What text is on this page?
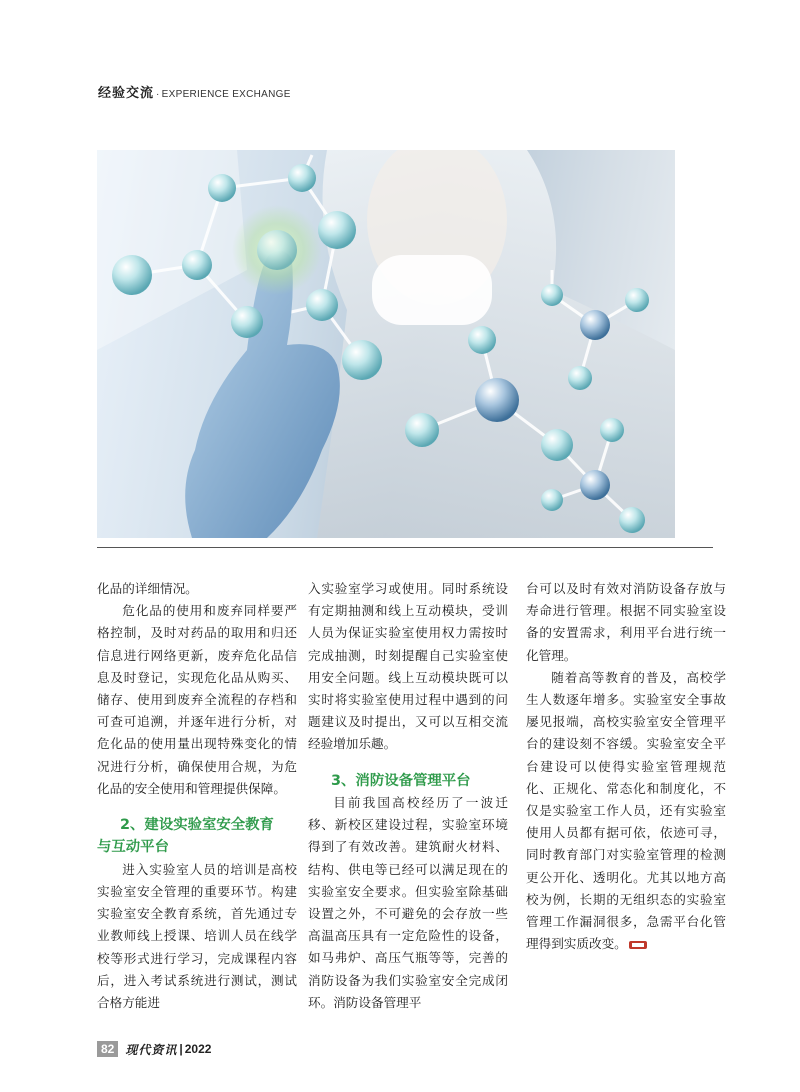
经验交流 · EXPERIENCE EXCHANGE

化品的详细情况。

危化品的使用和废弃同样要严格控制，及时对药品的取用和归还信息进行网络更新，废弃危化品信息及时登记，实现危化品从购买、储存、使用到废弃全流程的存档和可查可追溯，并逐年进行分析，对危化品的使用量出现特殊变化的情况进行分析，确保使用合规，为危化品的安全使用和管理提供保障。

2、建设实验室安全教育
与互动平台

进入实验室人员的培训是高校实验室安全管理的重要环节。构建实验室安全教育系统，首先通过专业教师线上授课、培训人员在线学校等形式进行学习，完成课程内容后，进入考试系统进行测试，测试合格方能进

入实验室学习或使用。同时系统设有定期抽测和线上互动模块，受训人员为保证实验室使用权力需按时完成抽测，时刻提醒自己实验室使用安全问题。线上互动模块既可以实时将实验室使用过程中遇到的问题建议及时提出，又可以互相交流经验增加乐趣。

3、消防设备管理平台

目前我国高校经历了一波迁移、新校区建设过程，实验室环境得到了有效改善。建筑耐火材料、结构、供电等已经可以满足现在的实验室安全要求。但实验室除基础设置之外，不可避免的会存放一些高温高压具有一定危险性的设备，如马弗炉、高压气瓶等等，完善的消防设备为我们实验室安全完成闭环。消防设备管理平

台可以及时有效对消防设备存放与寿命进行管理。根据不同实验室设备的安置需求，利用平台进行统一化管理。

随着高等教育的普及，高校学生人数逐年增多。实验室安全事故屡见报端，高校实验室安全管理平台的建设刻不容缓。实验室安全平台建设可以使得实验室管理规范化、正规化、常态化和制度化，不仅是实验室工作人员，还有实验室使用人员都有据可依，依迹可寻，同时教育部门对实验室管理的检测更公开化、透明化。尤其以地方高校为例，长期的无组织态的实验室管理工作漏洞很多，急需平台化管理得到实质改变。

82 现代资讯 | 2022
